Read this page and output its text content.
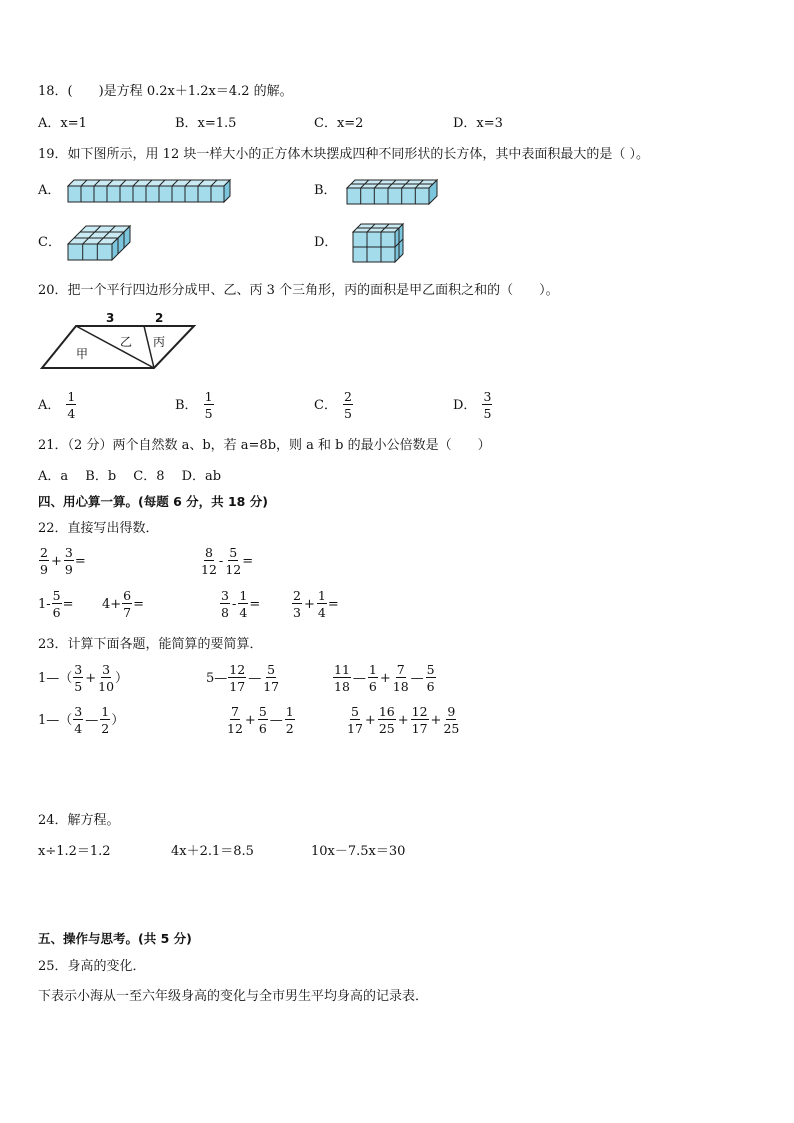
18．(　　)是方程 0.2x＋1.2x＝4.2 的解。
A．x=1	B．x=1.5	C．x=2	D．x=3
19．如下图所示，用 12 块一样大小的正方体木块摆成四种不同形状的长方体，其中表面积最大的是（ ）。
A．	B．
C．	D．
20．把一个平行四边形分成甲、乙、丙 3 个三角形，丙的面积是甲乙面积之和的（　　）。
3	2
甲
乙 丙
A． $\frac{1}{4}$	B． $\frac{1}{5}$	C． $\frac{2}{5}$	D． $\frac{3}{5}$
21．（2 分）两个自然数 a、b，若 a=8b，则 a 和 b 的最小公倍数是（　　）
A．a　 B．b　 C．8　 D．ab
四、用心算一算。(每题 6 分，共 18 分)
22．直接写出得数．
$\frac{2}{9} + \frac{3}{9}$ =	$\frac{8}{12} - \frac{5}{12}$ =
$1- \frac{5}{6} = 4+ \frac{6}{7}$ =	$\frac{3}{8} - \frac{1}{4}$ =	$\frac{2}{3} + \frac{1}{4}$ =
23．计算下面各题，能简算的要简算．
1—（ $\frac{3}{5} + \frac{3}{10}$ ）	5— $\frac{12}{17}$ — $\frac{5}{17}$	$\frac{11}{18}$ — $\frac{1}{6} + \frac{7}{18}$ — $\frac{5}{6}$
1—（ $\frac{3}{4}$ — $\frac{1}{2}$ ）	$\frac{7}{12} + \frac{5}{6}$ — $\frac{1}{2}$	$\frac{5}{17} + \frac{16}{25} + \frac{12}{17} + \frac{9}{25}$
24．解方程。
x÷1.2＝1.2	4x＋2.1＝8.5	10x－7.5x＝30
五、操作与思考。(共 5 分)
25．身高的变化．
下表示小海从一至六年级身高的变化与全市男生平均身高的记录表．
